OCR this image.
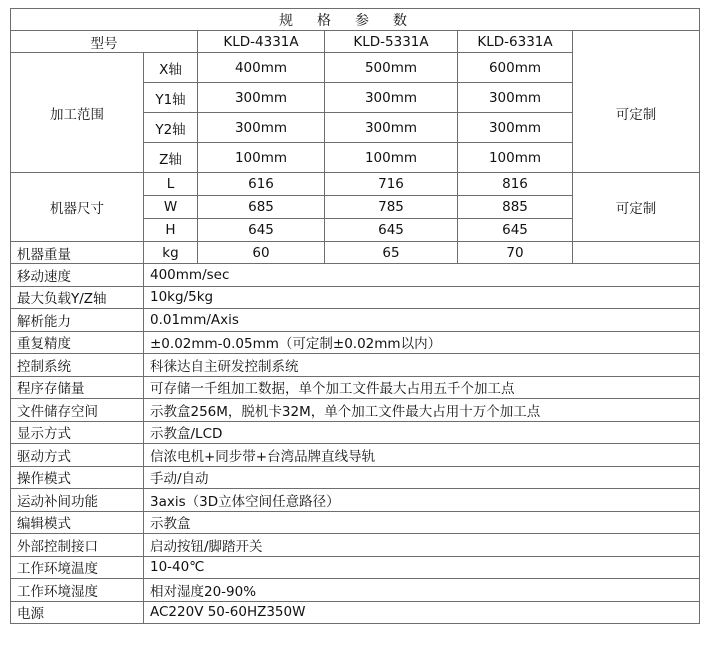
规格参数					
型号		KLD-4331A	KLD-5331A	KLD-6331A	可定制
加工范围	X轴	400mm	500mm	600mm	
	Y1轴	300mm	300mm	300mm	
	Y2轴	300mm	300mm	300mm	
	Z轴	100mm	100mm	100mm	
机器尺寸	L	616	716	816	可定制
	W	685	785	885	
	H	645	645	645	
机器重量	kg	60	65	70	
移动速度	400mm/sec				
最大负载Y/Z轴	10kg/5kg				
解析能力	0.01mm/Axis				
重复精度	±0.02mm-0.05mm（可定制±0.02mm以内）				
控制系统	科徕达自主研发控制系统				
程序存储量	可存储一千组加工数据，单个加工文件最大占用五千个加工点				
文件储存空间	示教盒256M，脱机卡32M，单个加工文件最大占用十万个加工点				
显示方式	示教盒/LCD				
驱动方式	信浓电机+同步带+台湾品牌直线导轨				
操作模式	手动/自动				
运动补间功能	3axis（3D立体空间任意路径）				
编辑模式	示教盒				
外部控制接口	启动按钮/脚踏开关				
工作环境温度	10-40℃				
工作环境湿度	相对湿度20-90%				
电源	AC220V 50-60HZ350W				
